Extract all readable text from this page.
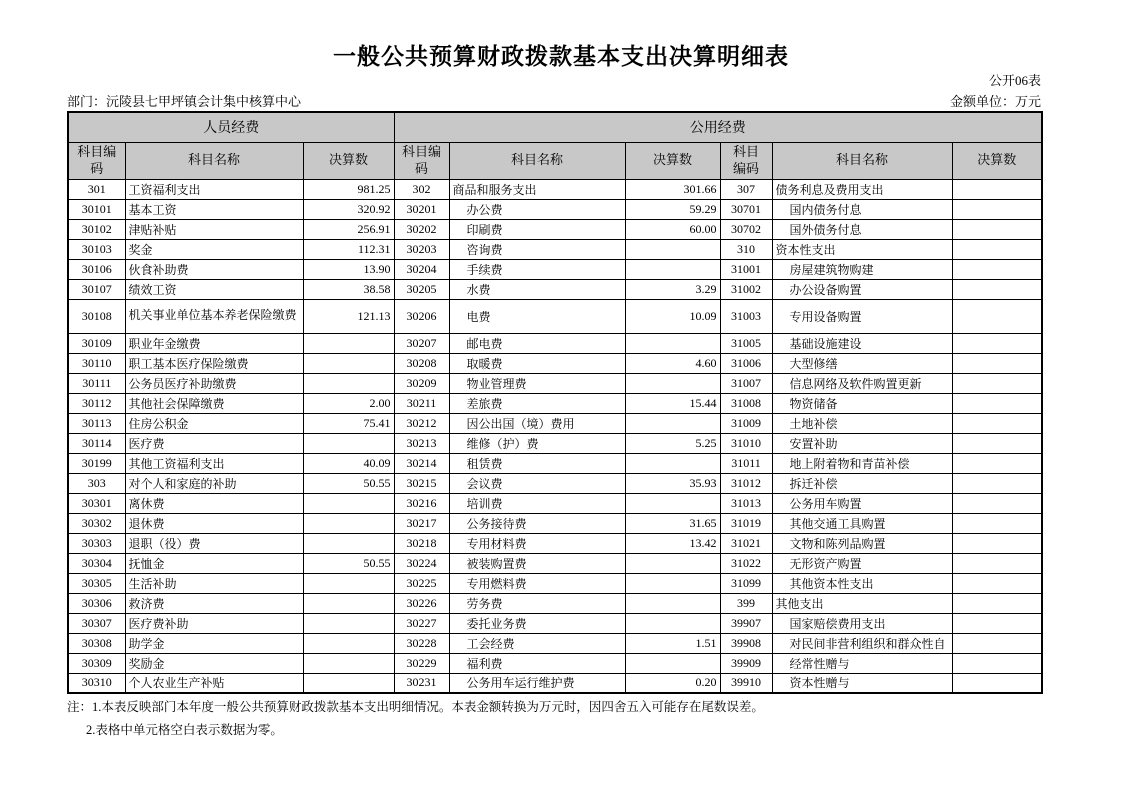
一般公共预算财政拨款基本支出决算明细表
公开06表
部门：沅陵县七甲坪镇会计集中核算中心	金额单位：万元
人员经费			公用经费					
科目编码	科目名称	决算数	科目编码	科目名称	决算数	科目编码	科目名称	决算数
301	工资福利支出	981.25	302	商品和服务支出	301.66	307	债务利息及费用支出	
30101	基本工资	320.92	30201	办公费	59.29	30701	国内债务付息	
30102	津贴补贴	256.91	30202	印刷费	60.00	30702	国外债务付息	
30103	奖金	112.31	30203	咨询费		310	资本性支出	
30106	伙食补助费	13.90	30204	手续费		31001	房屋建筑物购建	
30107	绩效工资	38.58	30205	水费	3.29	31002	办公设备购置	
30108	机关事业单位基本养老保险缴费	121.13	30206	电费	10.09	31003	专用设备购置	
30109	职业年金缴费		30207	邮电费		31005	基础设施建设	
30110	职工基本医疗保险缴费		30208	取暖费	4.60	31006	大型修缮	
30111	公务员医疗补助缴费		30209	物业管理费		31007	信息网络及软件购置更新	
30112	其他社会保障缴费	2.00	30211	差旅费	15.44	31008	物资储备	
30113	住房公积金	75.41	30212	因公出国（境）费用		31009	土地补偿	
30114	医疗费		30213	维修（护）费	5.25	31010	安置补助	
30199	其他工资福利支出	40.09	30214	租赁费		31011	地上附着物和青苗补偿	
303	对个人和家庭的补助	50.55	30215	会议费	35.93	31012	拆迁补偿	
30301	离休费		30216	培训费		31013	公务用车购置	
30302	退休费		30217	公务接待费	31.65	31019	其他交通工具购置	
30303	退职（役）费		30218	专用材料费	13.42	31021	文物和陈列品购置	
30304	抚恤金	50.55	30224	被装购置费		31022	无形资产购置	
30305	生活补助		30225	专用燃料费		31099	其他资本性支出	
30306	救济费		30226	劳务费		399	其他支出	
30307	医疗费补助		30227	委托业务费		39907	国家赔偿费用支出	
30308	助学金		30228	工会经费	1.51	39908	对民间非营利组织和群众性自	
30309	奖励金		30229	福利费		39909	经常性赠与	
30310	个人农业生产补贴		30231	公务用车运行维护费	0.20	39910	资本性赠与	
注：1.本表反映部门本年度一般公共预算财政拨款基本支出明细情况。本表金额转换为万元时，因四舍五入可能存在尾数误差。
2.表格中单元格空白表示数据为零。
